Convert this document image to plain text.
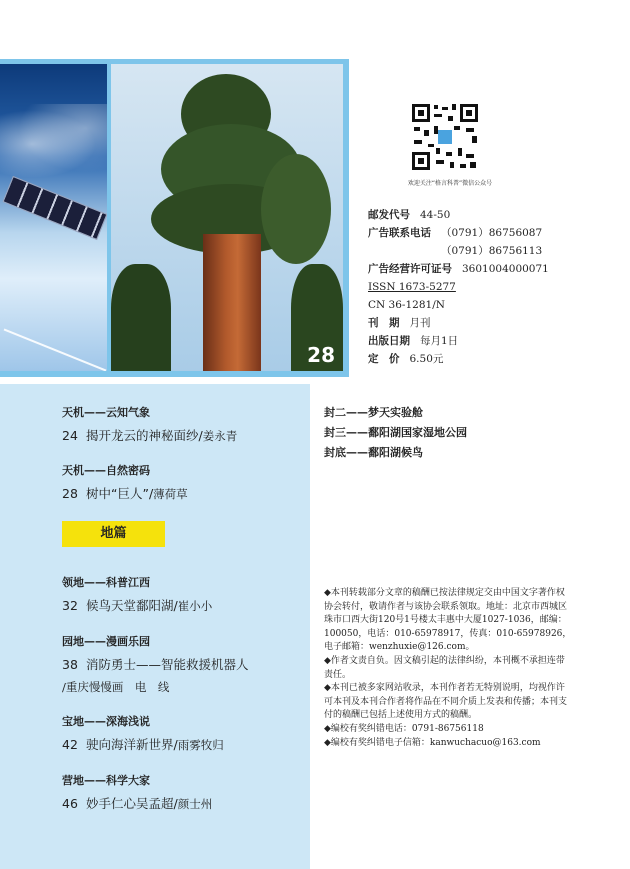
28
欢迎关注“格言科普”微信公众号
邮发代号 44-50
广告联系电话 （0791）86756087
（0791）86756113
广告经营许可证号 3601004000071
ISSN 1673-5277
CN 36-1281/N
刊　期 月刊
出版日期 每月1日
定　价 6.50元
天机——云知气象
24 揭开龙云的神秘面纱/姜永青
天机——自然密码
28 树中“巨人”/薄荷草
地篇
领地——科普江西
32 候鸟天堂鄱阳湖/崔小小
园地——漫画乐园
38 消防勇士——智能救援机器人
/重庆慢慢画　电　线
宝地——深海浅说
42 驶向海洋新世界/雨雾牧归
营地——科学大家
46 妙手仁心吴孟超/颜士州
封二——梦天实验舱
封三——鄱阳湖国家湿地公园
封底——鄱阳湖候鸟

◆本刊转载部分文章的稿酬已按法律规定交由中国文字著作权协会转付，敬请作者与该协会联系领取。地址：北京市西城区珠市口西大街120号1号楼太丰惠中大厦1027-1036，邮编：100050，电话：010-65978917，传真：010-65978926，电子邮箱：wenzhuxie@126.com。

◆作者文责自负。因文稿引起的法律纠纷，本刊概不承担连带责任。

◆本刊已被多家网站收录，本刊作者若无特别说明，均视作许可本刊及本刊合作者将作品在不同介质上发表和传播；本刊支付的稿酬已包括上述使用方式的稿酬。

◆编校有奖纠错电话：0791-86756118

◆编校有奖纠错电子信箱：kanwuchacuo@163.com
